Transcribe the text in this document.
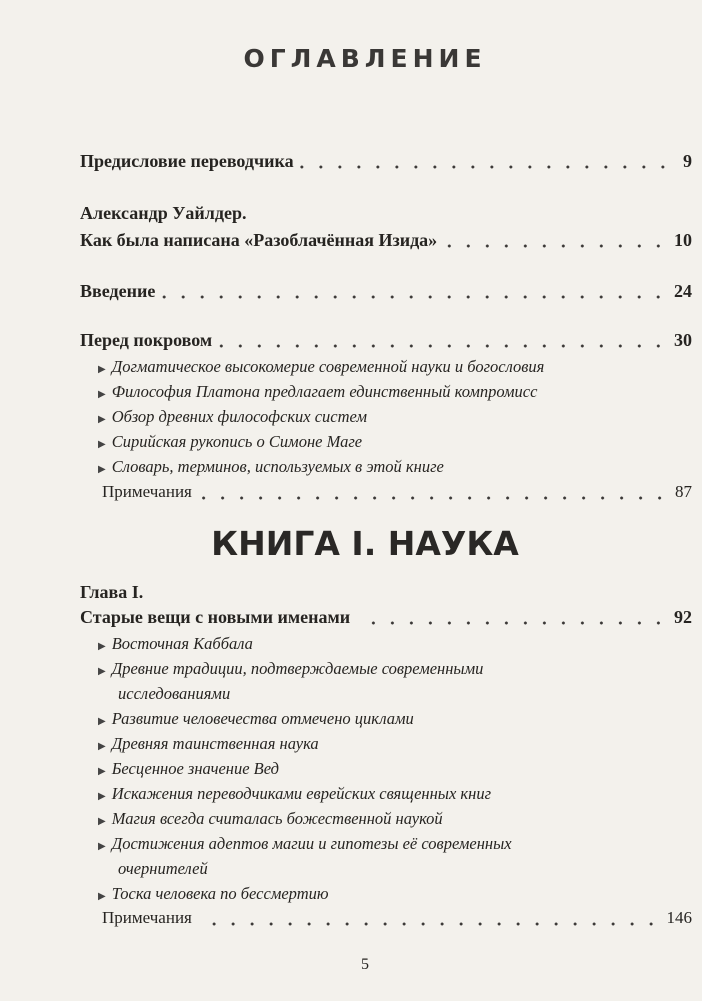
ОГЛАВЛЕНИЕ
Предисловие переводчика	9
Александр Уайлдер.
Как была написана «Разоблачённая Изида»	10
Введение	24
Перед покровом	30
▶ Догматическое высокомерие современной науки и богословия
▶ Философия Платона предлагает единственный компромисс
▶ Обзор древних философских систем
▶ Сирийская рукопись о Симоне Маге
▶ Словарь, терминов, используемых в этой книге
Примечания	87
КНИГА I. НАУКА
Глава I.
Старые вещи с новыми именами	92
▶ Восточная Каббала
▶ Древние традиции, подтверждаемые современными
исследованиями
▶ Развитие человечества отмечено циклами
▶ Древняя таинственная наука
▶ Бесценное значение Вед
▶ Искажения переводчиками еврейских священных книг
▶ Магия всегда считалась божественной наукой
▶ Достижения адептов магии и гипотезы её современных
очернителей
▶ Тоска человека по бессмертию
Примечания	146
5
